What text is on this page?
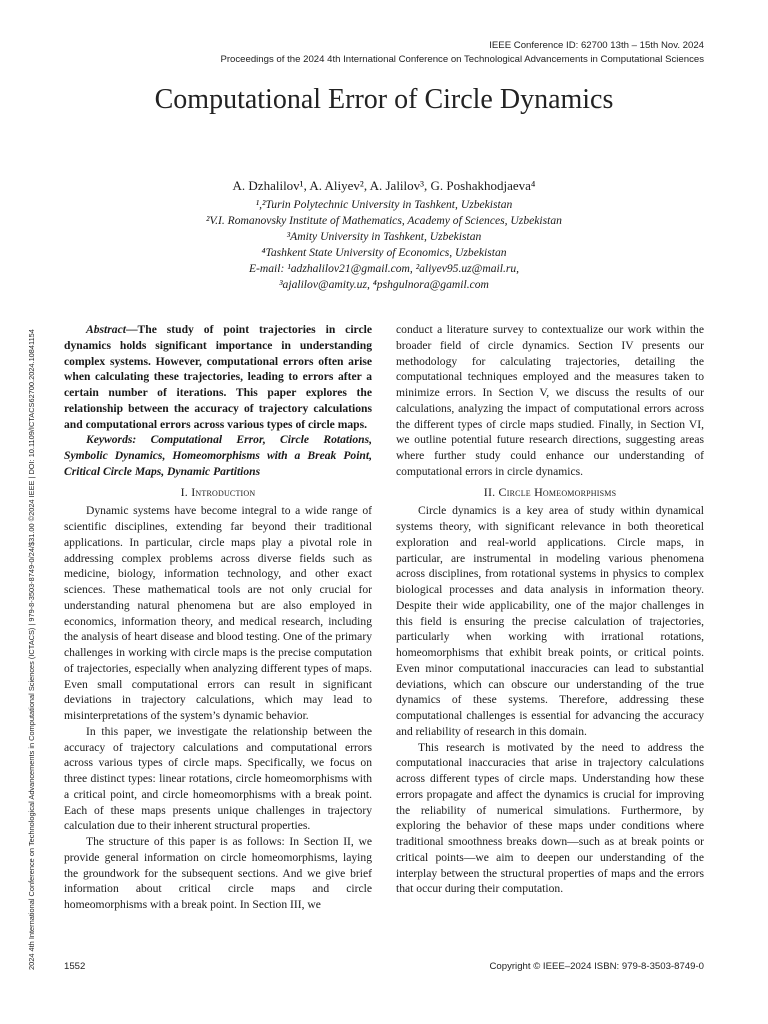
IEEE Conference ID: 62700 13th – 15th Nov. 2024
Proceedings of the 2024 4th International Conference on Technological Advancements in Computational Sciences
2024 4th International Conference on Technological Advancements in Computational Sciences (ICTACS) | 979-8-3503-8749-0/24/$31.00 ©2024 IEEE | DOI: 10.1109/ICTACS62700.2024.10841154
Computational Error of Circle Dynamics
A. Dzhalilov¹, A. Aliyev², A. Jalilov³, G. Poshakhodjaeva⁴
¹,²Turin Polytechnic University in Tashkent, Uzbekistan
²V.I. Romanovsky Institute of Mathematics, Academy of Sciences, Uzbekistan
³Amity University in Tashkent, Uzbekistan
⁴Tashkent State University of Economics, Uzbekistan
E-mail: ¹adzhalilov21@gmail.com, ²aliyev95.uz@mail.ru,
³ajalilov@amity.uz, ⁴pshgulnora@gamil.com

Abstract—The study of point trajectories in circle dynamics holds significant importance in understanding complex systems. However, computational errors often arise when calculating these trajectories, leading to errors after a certain number of iterations. This paper explores the relationship between the accuracy of trajectory calculations and computational errors across various types of circle maps.

Keywords: Computational Error, Circle Rotations, Symbolic Dynamics, Homeomorphisms with a Break Point, Critical Circle Maps, Dynamic Partitions

I. Introduction

Dynamic systems have become integral to a wide range of scientific disciplines, extending far beyond their traditional applications. In particular, circle maps play a pivotal role in addressing complex problems across diverse fields such as medicine, biology, information technology, and other exact sciences. These mathematical tools are not only crucial for understanding natural phenomena but are also employed in economics, information theory, and medical research, including the analysis of heart disease and blood testing. One of the primary challenges in working with circle maps is the precise computation of trajectories, especially when analyzing different types of maps. Even small computational errors can result in significant deviations in trajectory calculations, which may lead to misinterpretations of the system’s dynamic behavior.

In this paper, we investigate the relationship between the accuracy of trajectory calculations and computational errors across various types of circle maps. Specifically, we focus on three distinct types: linear rotations, circle homeomorphisms with a critical point, and circle homeomorphisms with a break point. Each of these maps presents unique challenges in trajectory calculation due to their inherent structural properties.

The structure of this paper is as follows: In Section II, we provide general information on circle homeomorphisms, laying the groundwork for the subsequent sections. And we give brief information about critical circle maps and circle homeomorphisms with a break point. In Section III, we

conduct a literature survey to contextualize our work within the broader field of circle dynamics. Section IV presents our methodology for calculating trajectories, detailing the computational techniques employed and the measures taken to minimize errors. In Section V, we discuss the results of our calculations, analyzing the impact of computational errors across the different types of circle maps studied. Finally, in Section VI, we outline potential future research directions, suggesting areas where further study could enhance our understanding of computational errors in circle dynamics.

II. Circle Homeomorphisms

Circle dynamics is a key area of study within dynamical systems theory, with significant relevance in both theoretical exploration and real-world applications. Circle maps, in particular, are instrumental in modeling various phenomena across disciplines, from rotational systems in physics to complex biological processes and data analysis in information theory. Despite their wide applicability, one of the major challenges in this field is ensuring the precise calculation of trajectories, particularly when working with irrational rotations, homeomorphisms that exhibit break points, or critical points. Even minor computational inaccuracies can lead to substantial deviations, which can obscure our understanding of the true dynamics of these systems. Therefore, addressing these computational challenges is essential for advancing the accuracy and reliability of research in this domain.

This research is motivated by the need to address the computational inaccuracies that arise in trajectory calculations across different types of circle maps. Understanding how these errors propagate and affect the dynamics is crucial for improving the reliability of numerical simulations. Furthermore, by exploring the behavior of these maps under conditions where traditional smoothness breaks down—such as at break points or critical points—we aim to deepen our understanding of the interplay between the structural properties of maps and the errors that occur during their computation.

1552	Copyright © IEEE–2024 ISBN: 979-8-3503-8749-0
